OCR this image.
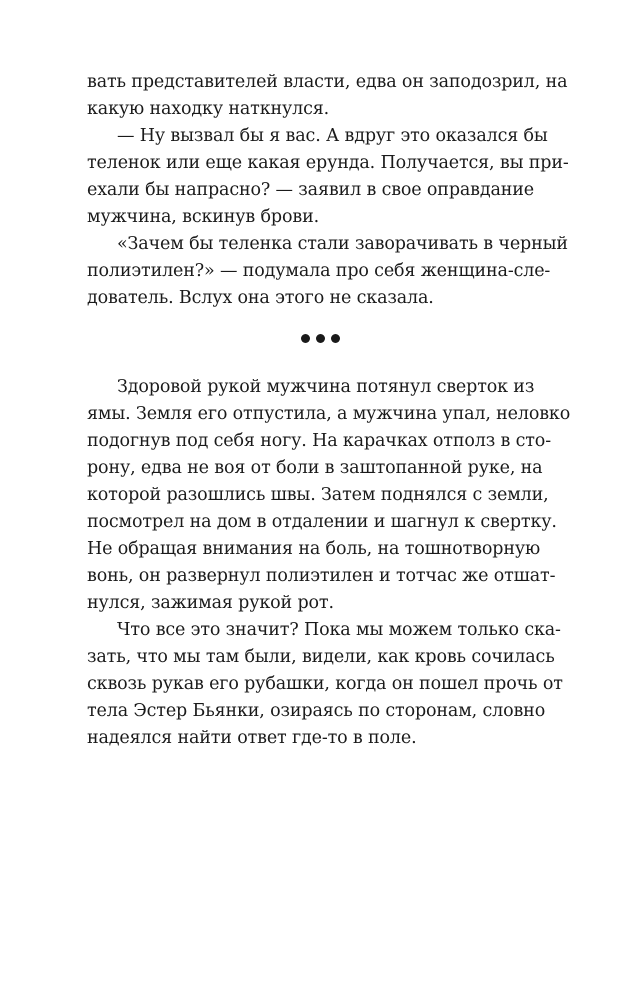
вать представителей власти, едва он заподозрил, на
какую находку наткнулся.
— Ну вызвал бы я вас. А вдруг это оказался бы
теленок или еще какая ерунда. Получается, вы при-
ехали бы напрасно? — заявил в свое оправдание
мужчина, вскинув брови.
«Зачем бы теленка стали заворачивать в черный
полиэтилен?» — подумала про себя женщина-сле-
дователь. Вслух она этого не сказала.
Здоровой рукой мужчина потянул сверток из
ямы. Земля его отпустила, а мужчина упал, неловко
подогнув под себя ногу. На карачках отполз в сто-
рону, едва не воя от боли в заштопанной руке, на
которой разошлись швы. Затем поднялся с земли,
посмотрел на дом в отдалении и шагнул к свертку.
Не обращая внимания на боль, на тошнотворную
вонь, он развернул полиэтилен и тотчас же отшат-
нулся, зажимая рукой рот.
Что все это значит? Пока мы можем только ска-
зать, что мы там были, видели, как кровь сочилась
сквозь рукав его рубашки, когда он пошел прочь от
тела Эстер Бьянки, озираясь по сторонам, словно
надеялся найти ответ где-то в поле.
